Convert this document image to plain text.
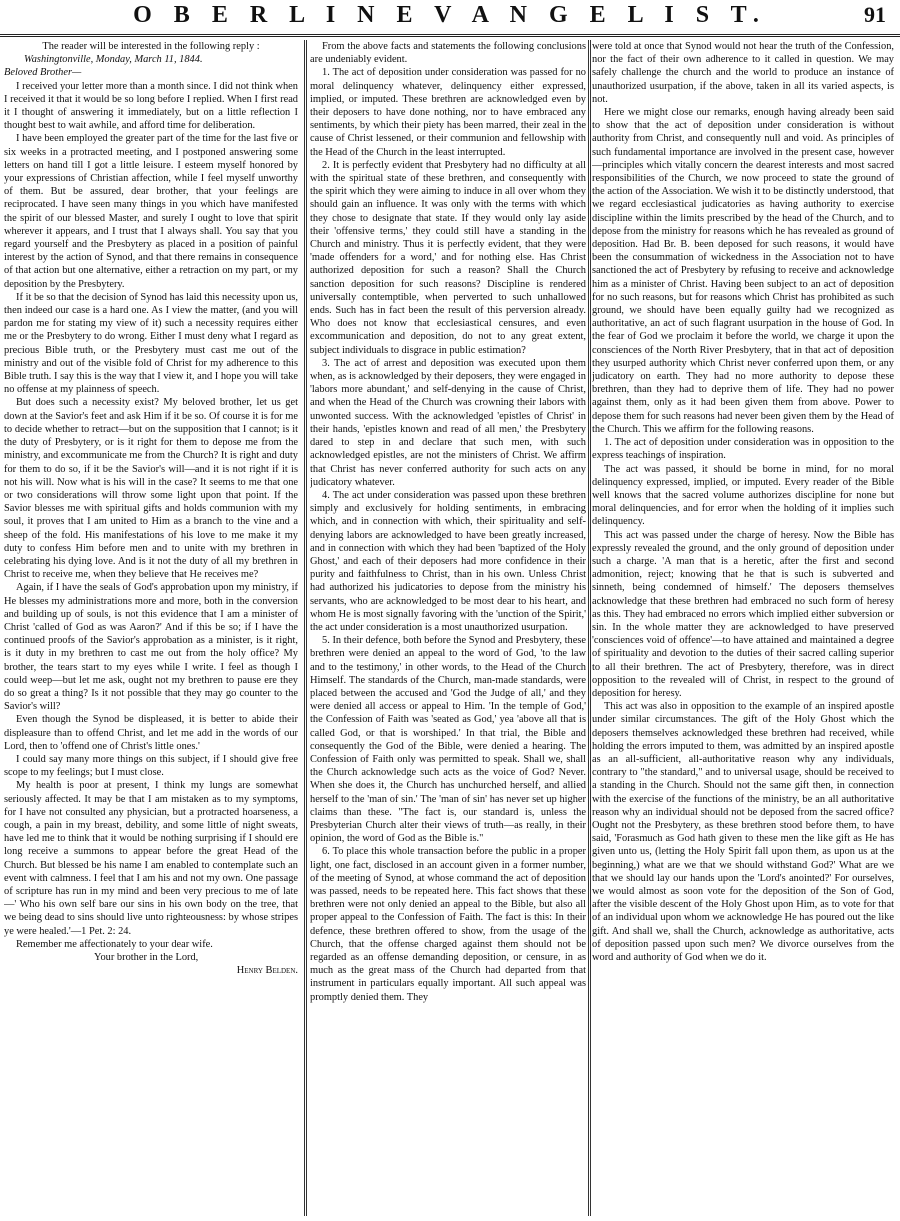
O B E R L I N E V A N G E L I S T.	91

The reader will be interested in the following reply :

Washingtonville, Monday, March 11, 1844.

Beloved Brother—

I received your letter more than a month since. I did not think when I received it that it would be so long before I replied. When I first read it I thought of answering it immediately, but on a little reflection I thought best to wait awhile, and afford time for deliberation.

I have been employed the greater part of the time for the last five or six weeks in a protracted meeting, and I postponed answering some letters on hand till I got a little leisure. I esteem myself honored by your expressions of Christian affection, while I feel myself unworthy of them. But be assured, dear brother, that your feelings are reciprocated. I have seen many things in you which have manifested the spirit of our blessed Master, and surely I ought to love that spirit wherever it appears, and I trust that I always shall. You say that you regard yourself and the Presbytery as placed in a position of painful interest by the action of Synod, and that there remains in consequence of that action but one alternative, either a retraction on my part, or my deposition by the Presbytery.

If it be so that the decision of Synod has laid this necessity upon us, then indeed our case is a hard one. As I view the matter, (and you will pardon me for stating my view of it) such a necessity requires either me or the Presbytery to do wrong. Either I must deny what I regard as precious Bible truth, or the Presbytery must cast me out of the ministry and out of the visible fold of Christ for my adherence to this Bible truth. I say this is the way that I view it, and I hope you will take no offense at my plainness of speech.

But does such a necessity exist? My beloved brother, let us get down at the Savior's feet and ask Him if it be so. Of course it is for me to decide whether to retract—but on the supposition that I cannot; is it the duty of Presbytery, or is it right for them to depose me from the ministry, and excommunicate me from the Church? It is right and duty for them to do so, if it be the Savior's will—and it is not right if it is not his will. Now what is his will in the case? It seems to me that one or two considerations will throw some light upon that point. If the Savior blesses me with spiritual gifts and holds communion with my soul, it proves that I am united to Him as a branch to the vine and a sheep of the fold. His manifestations of his love to me make it my duty to confess Him before men and to unite with my brethren in celebrating his dying love. And is it not the duty of all my brethren in Christ to receive me, when they believe that He receives me?

Again, if I have the seals of God's approbation upon my ministry, if He blesses my administrations more and more, both in the conversion and building up of souls, is not this evidence that I am a minister of Christ 'called of God as was Aaron?' And if this be so; if I have the continued proofs of the Savior's approbation as a minister, is it right, is it duty in my brethren to cast me out from the holy office? My brother, the tears start to my eyes while I write. I feel as though I could weep—but let me ask, ought not my brethren to pause ere they do so great a thing? Is it not possible that they may go counter to the Savior's will?

Even though the Synod be displeased, it is better to abide their displeasure than to offend Christ, and let me add in the words of our Lord, then to 'offend one of Christ's little ones.'

I could say many more things on this subject, if I should give free scope to my feelings; but I must close.

My health is poor at present, I think my lungs are somewhat seriously affected. It may be that I am mistaken as to my symptoms, for I have not consulted any physician, but a protracted hoarseness, a cough, a pain in my breast, debility, and some little of night sweats, have led me to think that it would be nothing surprising if I should ere long receive a summons to appear before the great Head of the Church. But blessed be his name I am enabled to contemplate such an event with calmness. I feel that I am his and not my own. One passage of scripture has run in my mind and been very precious to me of late—' Who his own self bare our sins in his own body on the tree, that we being dead to sins should live unto righteousness: by whose stripes ye were healed.'—1 Pet. 2: 24.

Remember me affectionately to your dear wife.

Your brother in the Lord,

Henry Belden.

From the above facts and statements the following conclusions are undeniably evident.

1. The act of deposition under consideration was passed for no moral delinquency whatever, delinquency either expressed, implied, or imputed. These brethren are acknowledged even by their deposers to have done nothing, nor to have embraced any sentiments, by which their piety has been marred, their zeal in the cause of Christ lessened, or their communion and fellowship with the Head of the Church in the least interrupted.

2. It is perfectly evident that Presbytery had no difficulty at all with the spiritual state of these brethren, and consequently with the spirit which they were aiming to induce in all over whom they should gain an influence. It was only with the terms with which they chose to designate that state. If they would only lay aside their 'offensive terms,' they could still have a standing in the Church and ministry. Thus it is perfectly evident, that they were 'made offenders for a word,' and for nothing else. Has Christ authorized deposition for such a reason? Shall the Church sanction deposition for such reasons? Discipline is rendered universally contemptible, when perverted to such unhallowed ends. Such has in fact been the result of this perversion already. Who does not know that ecclesiastical censures, and even excommunication and deposition, do not to any great extent, subject individuals to disgrace in public estimation?

3. The act of arrest and deposition was executed upon them when, as is acknowledged by their deposers, they were engaged in 'labors more abundant,' and self-denying in the cause of Christ, and when the Head of the Church was crowning their labors with unwonted success. With the acknowledged 'epistles of Christ' in their hands, 'epistles known and read of all men,' the Presbytery dared to step in and declare that such men, with such acknowledged epistles, are not the ministers of Christ. We affirm that Christ has never conferred authority for such acts on any judicatory whatever.

4. The act under consideration was passed upon these brethren simply and exclusively for holding sentiments, in embracing which, and in connection with which, their spirituality and self-denying labors are acknowledged to have been greatly increased, and in connection with which they had been 'baptized of the Holy Ghost,' and each of their deposers had more confidence in their purity and faithfulness to Christ, than in his own. Unless Christ had authorized his judicatories to depose from the ministry his servants, who are acknowledged to be most dear to his heart, and whom He is most signally favoring with the 'unction of the Spirit,' the act under consideration is a most unauthorized usurpation.

5. In their defence, both before the Synod and Presbytery, these brethren were denied an appeal to the word of God, 'to the law and to the testimony,' in other words, to the Head of the Church Himself. The standards of the Church, man-made standards, were placed between the accused and 'God the Judge of all,' and they were denied all access or appeal to Him. 'In the temple of God,' the Confession of Faith was 'seated as God,' yea 'above all that is called God, or that is worshiped.' In that trial, the Bible and consequently the God of the Bible, were denied a hearing. The Confession of Faith only was permitted to speak. Shall we, shall the Church acknowledge such acts as the voice of God? Never. When she does it, the Church has unchurched herself, and allied herself to the 'man of sin.' The 'man of sin' has never set up higher claims than these. "The fact is, our standard is, unless the Presbyterian Church alter their views of truth—as really, in their opinion, the word of God as the Bible is."

6. To place this whole transaction before the public in a proper light, one fact, disclosed in an account given in a former number, of the meeting of Synod, at whose command the act of deposition was passed, needs to be repeated here. This fact shows that these brethren were not only denied an appeal to the Bible, but also all proper appeal to the Confession of Faith. The fact is this: In their defence, these brethren offered to show, from the usage of the Church, that the offense charged against them should not be regarded as an offense demanding deposition, or censure, in as much as the great mass of the Church had departed from that instrument in particulars equally important. All such appeal was promptly denied them. They

were told at once that Synod would not hear the truth of the Confession, nor the fact of their own adherence to it called in question. We may safely challenge the church and the world to produce an instance of unauthorized usurpation, if the above, taken in all its varied aspects, is not.

Here we might close our remarks, enough having already been said to show that the act of deposition under consideration is without authority from Christ, and consequently null and void. As principles of such fundamental importance are involved in the present case, however—principles which vitally concern the dearest interests and most sacred responsibilities of the Church, we now proceed to state the ground of the action of the Association. We wish it to be distinctly understood, that we regard ecclesiastical judicatories as having authority to exercise discipline within the limits prescribed by the head of the Church, and to depose from the ministry for reasons which he has revealed as ground of deposition. Had Br. B. been deposed for such reasons, it would have been the consummation of wickedness in the Association not to have sanctioned the act of Presbytery by refusing to receive and acknowledge him as a minister of Christ. Having been subject to an act of deposition for no such reasons, but for reasons which Christ has prohibited as such ground, we should have been equally guilty had we recognized as authoritative, an act of such flagrant usurpation in the house of God. In the fear of God we proclaim it before the world, we charge it upon the consciences of the North River Presbytery, that in that act of deposition they usurped authority which Christ never conferred upon them, or any judicatory on earth. They had no more authority to depose these brethren, than they had to deprive them of life. They had no power against them, only as it had been given them from above. Power to depose them for such reasons had never been given them by the Head of the Church. This we affirm for the following reasons.

1. The act of deposition under consideration was in opposition to the express teachings of inspiration.

The act was passed, it should be borne in mind, for no moral delinquency expressed, implied, or imputed. Every reader of the Bible well knows that the sacred volume authorizes discipline for none but moral delinquencies, and for error when the holding of it implies such delinquency.

This act was passed under the charge of heresy. Now the Bible has expressly revealed the ground, and the only ground of deposition under such a charge. 'A man that is a heretic, after the first and second admonition, reject; knowing that he that is such is subverted and sinneth, being condemned of himself.' The deposers themselves acknowledge that these brethren had embraced no such form of heresy as this. They had embraced no errors which implied either subversion or sin. In the whole matter they are acknowledged to have preserved 'consciences void of offence'—to have attained and maintained a degree of spirituality and devotion to the duties of their sacred calling superior to all their brethren. The act of Presbytery, therefore, was in direct opposition to the revealed will of Christ, in respect to the ground of deposition for heresy.

This act was also in opposition to the example of an inspired apostle under similar circumstances. The gift of the Holy Ghost which the deposers themselves acknowledged these brethren had received, while holding the errors imputed to them, was admitted by an inspired apostle as an all-sufficient, all-authoritative reason why any individuals, contrary to "the standard," and to universal usage, should be received to a standing in the Church. Should not the same gift then, in connection with the exercise of the functions of the ministry, be an all authoritative reason why an individual should not be deposed from the sacred office? Ought not the Presbytery, as these brethren stood before them, to have said, 'Forasmuch as God hath given to these men the like gift as He has given unto us, (letting the Holy Spirit fall upon them, as upon us at the beginning,) what are we that we should withstand God?' What are we that we should lay our hands upon the 'Lord's anointed?' For ourselves, we would almost as soon vote for the deposition of the Son of God, after the visible descent of the Holy Ghost upon Him, as to vote for that of an individual upon whom we acknowledge He has poured out the like gift. And shall we, shall the Church, acknowledge as authoritative, acts of deposition passed upon such men? We divorce ourselves from the word and authority of God when we do it.
